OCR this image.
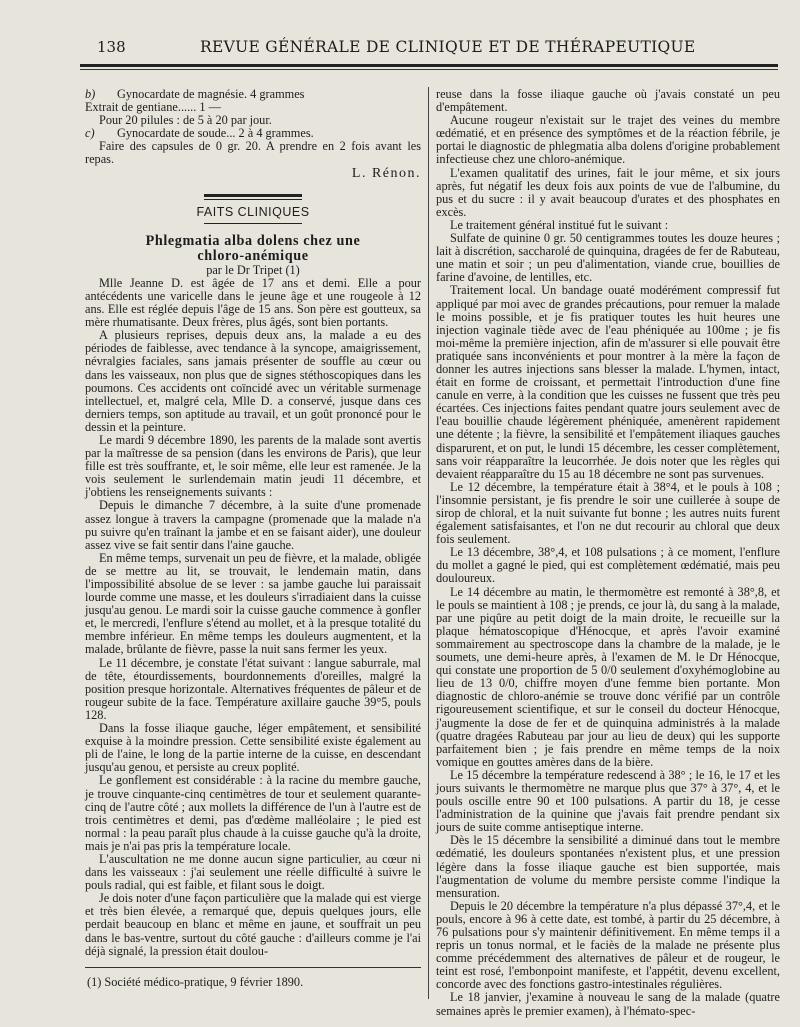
138	REVUE GÉNÉRALE DE CLINIQUE ET DE THÉRAPEUTIQUE

b) Gynocardate de magnésie. 4 grammes

Extrait de gentiane...... 1 —

Pour 20 pilules : de 5 à 20 par jour.

c) Gynocardate de soude... 2 à 4 grammes.

Faire des capsules de 0 gr. 20. A prendre en 2 fois avant les repas.

L. Rénon.

FAITS CLINIQUES

Phlegmatia alba dolens chez une

chloro-anémique

par le Dr Tripet (1)

Mlle Jeanne D. est âgée de 17 ans et demi. Elle a pour antécédents une varicelle dans le jeune âge et une rougeole à 12 ans. Elle est réglée depuis l'âge de 15 ans. Son père est goutteux, sa mère rhumatisante. Deux frères, plus âgés, sont bien portants.

A plusieurs reprises, depuis deux ans, la malade a eu des périodes de faiblesse, avec tendance à la syncope, amaigrissement, névralgies faciales, sans jamais présenter de souffle au cœur ou dans les vaisseaux, non plus que de signes stéthoscopiques dans les poumons. Ces accidents ont coïncidé avec un véritable surmenage intellectuel, et, malgré cela, Mlle D. a conservé, jusque dans ces derniers temps, son aptitude au travail, et un goût prononcé pour le dessin et la peinture.

Le mardi 9 décembre 1890, les parents de la malade sont avertis par la maîtresse de sa pension (dans les environs de Paris), que leur fille est très souffrante, et, le soir même, elle leur est ramenée. Je la vois seulement le surlendemain matin jeudi 11 décembre, et j'obtiens les renseignements suivants :

Depuis le dimanche 7 décembre, à la suite d'une promenade assez longue à travers la campagne (promenade que la malade n'a pu suivre qu'en traînant la jambe et en se faisant aider), une douleur assez vive se fait sentir dans l'aine gauche.

En même temps, survenait un peu de fièvre, et la malade, obligée de se mettre au lit, se trouvait, le lendemain matin, dans l'impossibilité absolue de se lever : sa jambe gauche lui paraissait lourde comme une masse, et les douleurs s'irradiaient dans la cuisse jusqu'au genou. Le mardi soir la cuisse gauche commence à gonfler et, le mercredi, l'enflure s'étend au mollet, et à la presque totalité du membre inférieur. En même temps les douleurs augmentent, et la malade, brûlante de fièvre, passe la nuit sans fermer les yeux.

Le 11 décembre, je constate l'état suivant : langue saburrale, mal de tête, étourdissements, bourdonnements d'oreilles, malgré la position presque horizontale. Alternatives fréquentes de pâleur et de rougeur subite de la face. Température axillaire gauche 39°5, pouls 128.

Dans la fosse iliaque gauche, léger empâtement, et sensibilité exquise à la moindre pression. Cette sensibilité existe également au pli de l'aine, le long de la partie interne de la cuisse, en descendant jusqu'au genou, et persiste au creux poplité.

Le gonflement est considérable : à la racine du membre gauche, je trouve cinquante-cinq centimètres de tour et seulement quarante-cinq de l'autre côté ; aux mollets la différence de l'un à l'autre est de trois centimètres et demi, pas d'œdème malléolaire ; le pied est normal : la peau paraît plus chaude à la cuisse gauche qu'à la droite, mais je n'ai pas pris la température locale.

L'auscultation ne me donne aucun signe particulier, au cœur ni dans les vaisseaux : j'ai seulement une réelle difficulté à suivre le pouls radial, qui est faible, et filant sous le doigt.

Je dois noter d'une façon particulière que la malade qui est vierge et très bien élevée, a remarqué que, depuis quelques jours, elle perdait beaucoup en blanc et même en jaune, et souffrait un peu dans le bas-ventre, surtout du côté gauche : d'ailleurs comme je l'ai déjà signalé, la pression était doulou-

reuse dans la fosse iliaque gauche où j'avais constaté un peu d'empâtement.

Aucune rougeur n'existait sur le trajet des veines du membre œdématié, et en présence des symptômes et de la réaction fébrile, je portai le diagnostic de phlegmatia alba dolens d'origine probablement infectieuse chez une chloro-anémique.

L'examen qualitatif des urines, fait le jour même, et six jours après, fut négatif les deux fois aux points de vue de l'albumine, du pus et du sucre : il y avait beaucoup d'urates et des phosphates en excès.

Le traitement général institué fut le suivant :

Sulfate de quinine 0 gr. 50 centigrammes toutes les douze heures ; lait à discrétion, saccharolé de quinquina, dragées de fer de Rabuteau, une matin et soir ; un peu d'alimentation, viande crue, bouillies de farine d'avoine, de lentilles, etc.

Traitement local. Un bandage ouaté modérément compressif fut appliqué par moi avec de grandes précautions, pour remuer la malade le moins possible, et je fis pratiquer toutes les huit heures une injection vaginale tiède avec de l'eau phéniquée au 100me ; je fis moi-même la première injection, afin de m'assurer si elle pouvait être pratiquée sans inconvénients et pour montrer à la mère la façon de donner les autres injections sans blesser la malade. L'hymen, intact, était en forme de croissant, et permettait l'introduction d'une fine canule en verre, à la condition que les cuisses ne fussent que très peu écartées. Ces injections faites pendant quatre jours seulement avec de l'eau bouillie chaude légèrement phéniquée, amenèrent rapidement une détente ; la fièvre, la sensibilité et l'empâtement iliaques gauches disparurent, et on put, le lundi 15 décembre, les cesser complètement, sans voir réapparaître la leucorrhée. Je dois noter que les règles qui devaient réapparaître du 15 au 18 décembre ne sont pas survenues.

Le 12 décembre, la température était à 38°4, et le pouls à 108 ; l'insomnie persistant, je fis prendre le soir une cuillerée à soupe de sirop de chloral, et la nuit suivante fut bonne ; les autres nuits furent également satisfaisantes, et l'on ne dut recourir au chloral que deux fois seulement.

Le 13 décembre, 38°,4, et 108 pulsations ; à ce moment, l'enflure du mollet a gagné le pied, qui est complètement œdématié, mais peu douloureux.

Le 14 décembre au matin, le thermomètre est remonté à 38°,8, et le pouls se maintient à 108 ; je prends, ce jour là, du sang à la malade, par une piqûre au petit doigt de la main droite, le recueille sur la plaque hématoscopique d'Hénocque, et après l'avoir examiné sommairement au spectroscope dans la chambre de la malade, je le soumets, une demi-heure après, à l'examen de M. le Dr Hénocque, qui constate une proportion de 5 0/0 seulement d'oxyhémoglobine au lieu de 13 0/0, chiffre moyen d'une femme bien portante. Mon diagnostic de chloro-anémie se trouve donc vérifié par un contrôle rigoureusement scientifique, et sur le conseil du docteur Hénocque, j'augmente la dose de fer et de quinquina administrés à la malade (quatre dragées Rabuteau par jour au lieu de deux) qui les supporte parfaitement bien ; je fais prendre en même temps de la noix vomique en gouttes amères dans de la bière.

Le 15 décembre la température redescend à 38° ; le 16, le 17 et les jours suivants le thermomètre ne marque plus que 37° à 37°, 4, et le pouls oscille entre 90 et 100 pulsations. A partir du 18, je cesse l'administration de la quinine que j'avais fait prendre pendant six jours de suite comme antiseptique interne.

Dès le 15 décembre la sensibilité a diminué dans tout le membre œdématié, les douleurs spontanées n'existent plus, et une pression légère dans la fosse iliaque gauche est bien supportée, mais l'augmentation de volume du membre persiste comme l'indique la mensuration.

Depuis le 20 décembre la température n'a plus dépassé 37°,4, et le pouls, encore à 96 à cette date, est tombé, à partir du 25 décembre, à 76 pulsations pour s'y maintenir définitivement. En même temps il a repris un tonus normal, et le faciès de la malade ne présente plus comme précédemment des alternatives de pâleur et de rougeur, le teint est rosé, l'embonpoint manifeste, et l'appétit, devenu excellent, concorde avec des fonctions gastro-intestinales régulières.

Le 18 janvier, j'examine à nouveau le sang de la malade (quatre semaines après le premier examen), à l'hémato-spec-

(1) Société médico-pratique, 9 février 1890.
